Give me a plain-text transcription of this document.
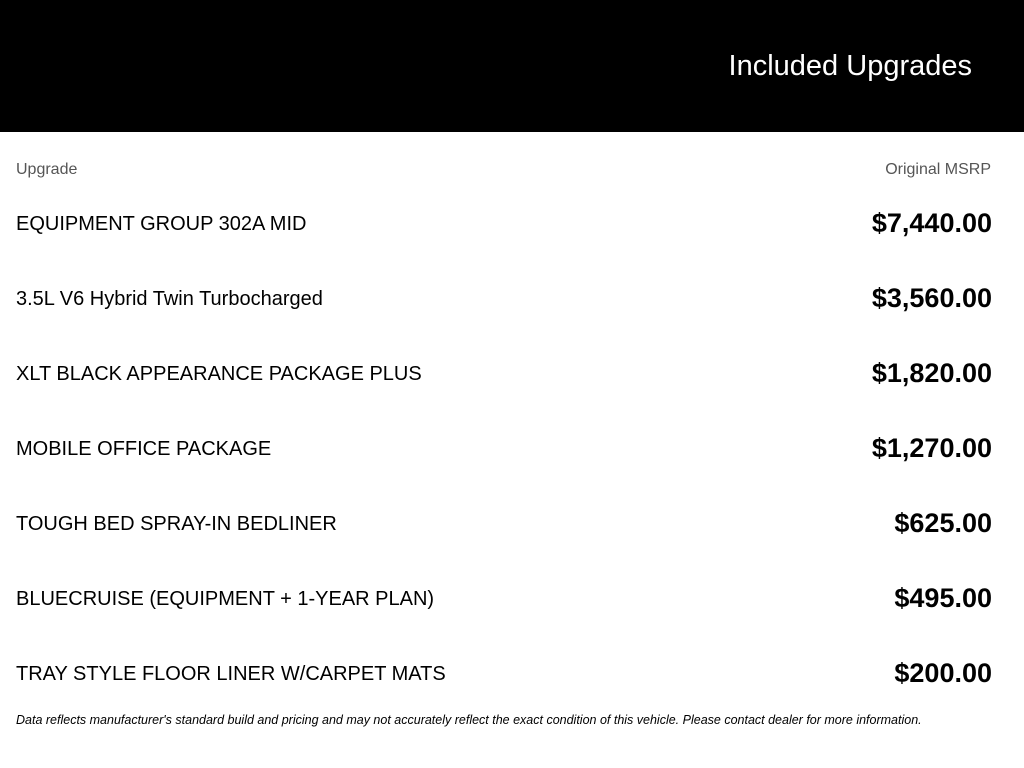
Included Upgrades
Upgrade	Original MSRP
EQUIPMENT GROUP 302A MID	$7,440.00
3.5L V6 Hybrid Twin Turbocharged	$3,560.00
XLT BLACK APPEARANCE PACKAGE PLUS	$1,820.00
MOBILE OFFICE PACKAGE	$1,270.00
TOUGH BED SPRAY-IN BEDLINER	$625.00
BLUECRUISE (EQUIPMENT + 1-YEAR PLAN)	$495.00
TRAY STYLE FLOOR LINER W/CARPET MATS	$200.00
Data reflects manufacturer's standard build and pricing and may not accurately reflect the exact condition of this vehicle. Please contact dealer for more information.
